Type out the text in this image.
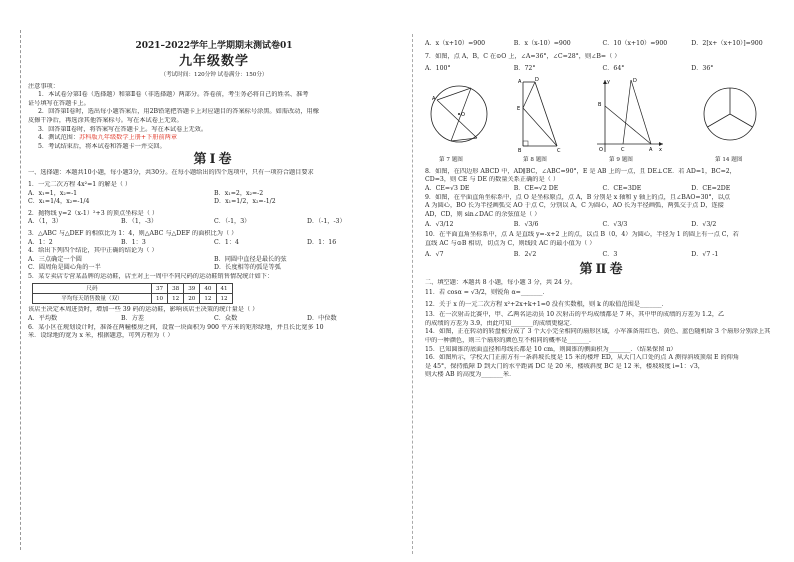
2021–2022学年上学期期末测试卷01
九年级数学
（考试时间：120分钟 试卷满分：150分）
注意事项：
1．本试卷分第Ⅰ卷（选择题）和第Ⅱ卷（非选择题）两部分。答卷前，考生务必将自己的姓名、准考
证号填写在答题卡上。
2．回答第Ⅰ卷时，选出每小题答案后，用2B铅笔把答题卡上对应题目的答案标号涂黑。如需改动，用橡
皮擦干净后，再选涂其他答案标号。写在本试卷上无效。
3．回答第Ⅱ卷时，将答案写在答题卡上。写在本试卷上无效。
4．测试范围：苏科版九年级数学上册+下册前两章
5．考试结束后，将本试卷和答题卡一并交回。
第Ⅰ卷
一、选择题：本题共10小题，每小题3分，共30分。在每小题给出的四个选项中，只有一项符合题目要求
1．一元二次方程 4x²=1 的解是（ ）
A．x₁=1，x₂=-1	B．x₁=2，x₂=-2
C．x₁=1/4，x₂=-1/4	D．x₁=1/2，x₂=-1/2
2．抛物线 y=2（x-1）²+3 的顶点坐标是（ ）
A．（1，3）	B．（1，-3）	C．（-1，3）	D．（-1，-3）
3．△ABC 与△DEF 的相似比为 1：4，则△ABC 与△DEF 的面积比为（ ）
A．1：2	B．1：3	C．1：4	D．1：16
4．给出下列四个结论，其中正确的结论为（ ）
A．三点确定一个圆	B．同圆中直径是最长的弦
C．圆周角是圆心角的一半	D．长度相等的弧是等弧
5．某专卖店专营某品牌的运动鞋，店主对上一周中不同尺码的运动鞋销售情况统计如下：
尺码	37	38	39	40	41
平均每天销售数量（双）	10	12	20	12	12
该店主决定本周进货时，增加一些 39 码的运动鞋，影响该店主决策的统计量是（ ）
A．平均数	B．方差	C．众数	D．中位数
6．某小区在规划设计时，准备在两幢楼房之间，设置一块面积为 900 平方米的矩形绿地，并且长比宽多 10
米．设绿地的宽为 x 米，根据题意，可列方程为（ ）
A．x（x+10）=900	B．x（x-10）=900	C．10（x+10）=900	D．2[x+（x+10）]=900
7．如图，点 A，B，C 在⊙O 上，∠A=36°，∠C=28°，则∠B=（ ）
A．100°	B．72°	C．64°	D．36°
A
O
第 7 题图
A	D
E
B	C
第 8 题图
B
D
C	A
O	x
y
第 9 题图	第 14 题图
8．如图，在四边形 ABCD 中，AD∥BC，∠ABC=90°，E 是 AB 上的一点，且 DE⊥CE．若 AD=1，BC=2，
CD=3，则 CE 与 DE 的数量关系正确的是（ ）
A．CE=√3 DE	B．CE=√2 DE	C．CE=3DE	D．CE=2DE
9．如图，在平面直角坐标系中，点 O 是坐标原点，点 A，B 分别是 x 轴和 y 轴上的点，且∠BAO=30°，以点
A 为圆心，BO 长为半径画弧交 AO 于点 C，分别以 A，C 为圆心，AO 长为半径画弧，两弧交于点 D，连接
AD，CD，则 sin∠DAC 的余弦值是（ ）
A．√3/12	B．√3/6	C．√3/3	D．√3/2
10．在平面直角坐标系中，点 A 是直线 y=-x+2 上的点，以点 B（0，4）为圆心，半径为 1 的圆上有一点 C，若
直线 AC 与⊙B 相切，切点为 C，则线段 AC 的最小值为（ ）
A．√7	B．2√2	C．3	D．√7 -1
第Ⅱ卷
二、填空题：本题共 8 小题，每小题 3 分，共 24 分。
11．若 cosα = √3/2，则锐角 α=_______．
12．关于 x 的一元二次方程 x²+2x+k+1=0 没有实数根，则 k 的取值范围是_______．
13．在一次射击比赛中，甲、乙两名运动员 10 次射击的平均成绩都是 7 环，其中甲的成绩的方差为 1.2，乙
的成绩的方差为 3.9，由此可知_______的成绩更稳定．
14．如图，正在转动的转盘被分成了 3 个大小完全相同的扇形区域，小军准备用红色、黄色、蓝色随机给 3 个扇形分别涂上其
中的一种颜色，则三个扇形的颜色互不相同的概率是_______．
15．已知圆锥的底面直径和母线长都是 10 cm，则圆锥的侧面积为_______．（结果保留 π）
16．如图所示，学校大门正前方有一条斜坡长度是 15 米的楼坪 ED，从大门入口处的点 A 测得斜坡顶端 E 的仰角
是 45°，保持抵障 D 到大门的水平距离 DC 是 20 米，楼坡斜度 BC 是 12 米，楼坡坡度 i=1：√3，
则大楼 AB 的高度为_______米．
